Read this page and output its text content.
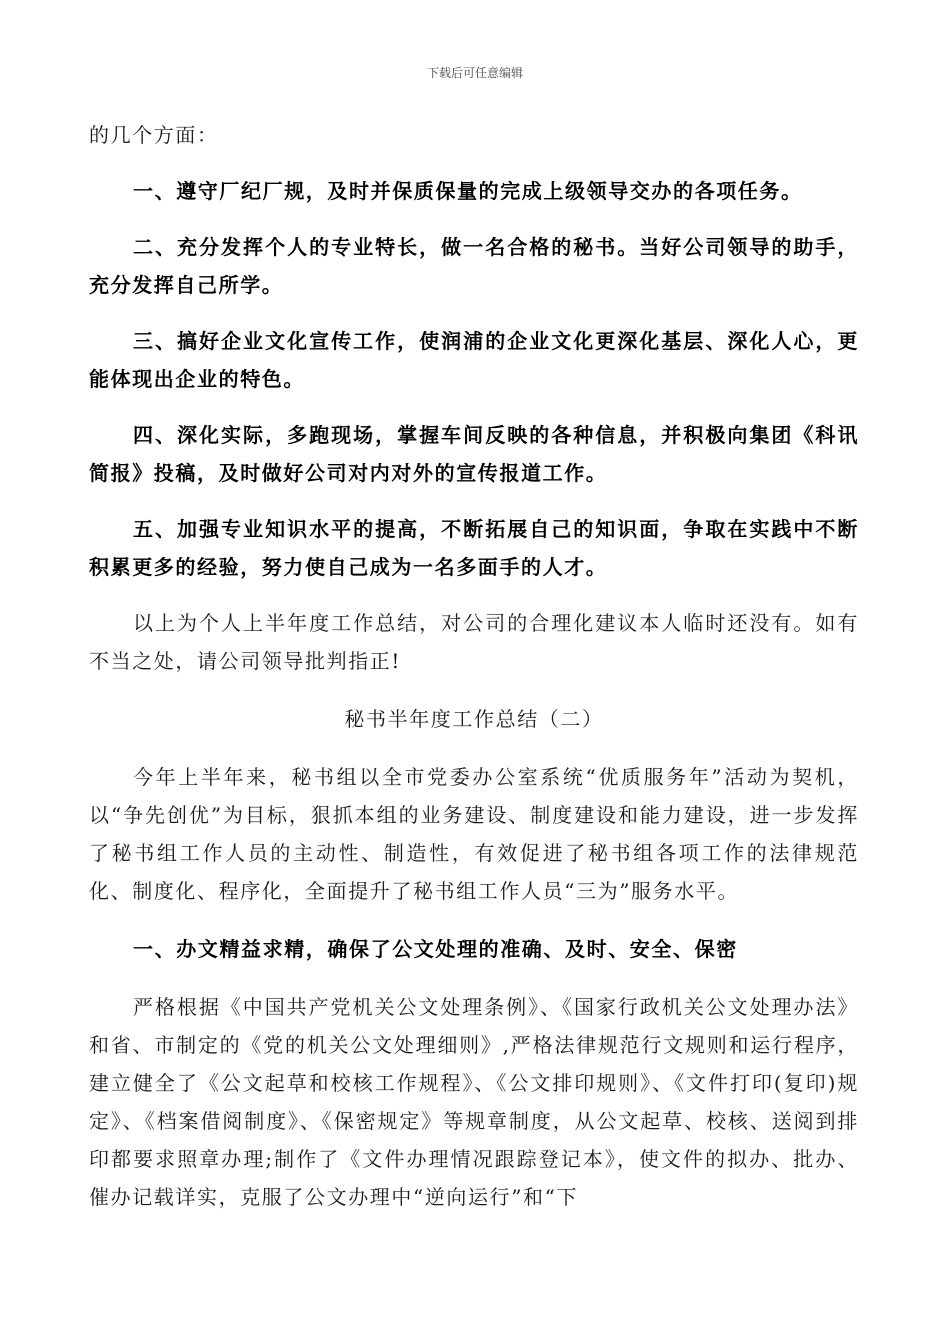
下载后可任意编辑

的几个方面：

一、遵守厂纪厂规，及时并保质保量的完成上级领导交办的各项任务。

二、充分发挥个人的专业特长，做一名合格的秘书。当好公司领导的助手，充分发挥自己所学。

三、搞好企业文化宣传工作，使润浦的企业文化更深化基层、深化人心，更能体现出企业的特色。

四、深化实际，多跑现场，掌握车间反映的各种信息，并积极向集团《科讯简报》投稿，及时做好公司对内对外的宣传报道工作。

五、加强专业知识水平的提高，不断拓展自己的知识面，争取在实践中不断积累更多的经验，努力使自己成为一名多面手的人才。

以上为个人上半年度工作总结，对公司的合理化建议本人临时还没有。如有不当之处，请公司领导批判指正!

秘书半年度工作总结（二）

今年上半年来，秘书组以全市党委办公室系统“优质服务年”活动为契机，以“争先创优”为目标，狠抓本组的业务建设、制度建设和能力建设，进一步发挥了秘书组工作人员的主动性、制造性，有效促进了秘书组各项工作的法律规范化、制度化、程序化，全面提升了秘书组工作人员“三为”服务水平。

一、办文精益求精，确保了公文处理的准确、及时、安全、保密

严格根据《中国共产党机关公文处理条例》、《国家行政机关公文处理办法》和省、市制定的《党的机关公文处理细则》,严格法律规范行文规则和运行程序，建立健全了《公文起草和校核工作规程》、《公文排印规则》、《文件打印(复印)规定》、《档案借阅制度》、《保密规定》等规章制度，从公文起草、校核、送阅到排印都要求照章办理;制作了《文件办理情况跟踪登记本》，使文件的拟办、批办、催办记载详实，克服了公文办理中“逆向运行”和“下
